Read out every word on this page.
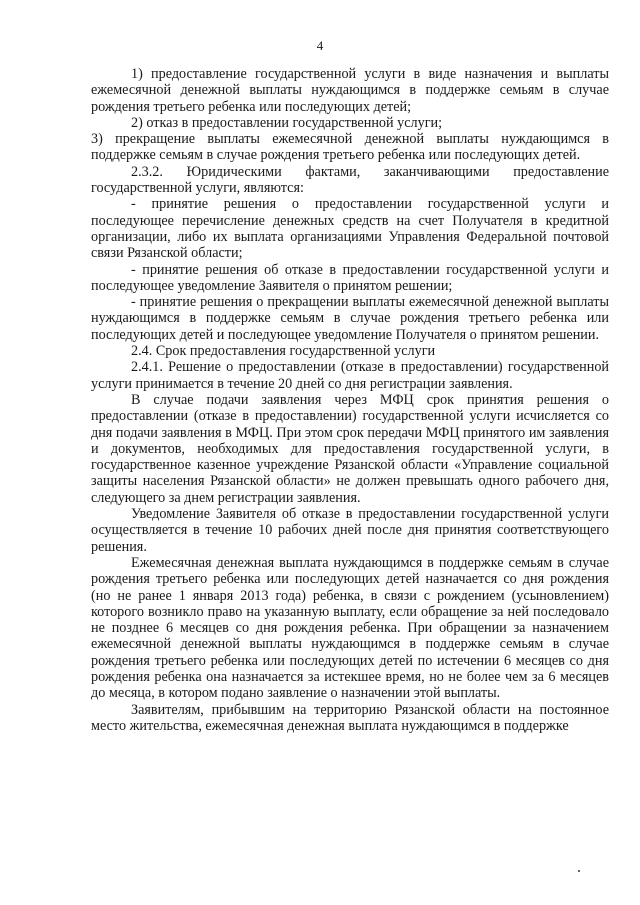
4

1) предоставление государственной услуги в виде назначения и выплаты ежемесячной денежной выплаты нуждающимся в поддержке семьям в случае рождения третьего ребенка или последующих детей;

2) отказ в предоставлении государственной услуги;

3) прекращение выплаты ежемесячной денежной выплаты нуждающимся в поддержке семьям в случае рождения третьего ребенка или последующих детей.

2.3.2. Юридическими фактами, заканчивающими предоставление государственной услуги, являются:

- принятие решения о предоставлении государственной услуги и последующее перечисление денежных средств на счет Получателя в кредитной организации, либо их выплата организациями Управления Федеральной почтовой связи Рязанской области;

- принятие решения об отказе в предоставлении государственной услуги и последующее уведомление Заявителя о принятом решении;

- принятие решения о прекращении выплаты ежемесячной денежной выплаты нуждающимся в поддержке семьям в случае рождения третьего ребенка или последующих детей и последующее уведомление Получателя о принятом решении.

2.4. Срок предоставления государственной услуги

2.4.1. Решение о предоставлении (отказе в предоставлении) государственной услуги принимается в течение 20 дней со дня регистрации заявления.

В случае подачи заявления через МФЦ срок принятия решения о предоставлении (отказе в предоставлении) государственной услуги исчисляется со дня подачи заявления в МФЦ. При этом срок передачи МФЦ принятого им заявления и документов, необходимых для предоставления государственной услуги, в государственное казенное учреждение Рязанской области «Управление социальной защиты населения Рязанской области» не должен превышать одного рабочего дня, следующего за днем регистрации заявления.

Уведомление Заявителя об отказе в предоставлении государственной услуги осуществляется в течение 10 рабочих дней после дня принятия соответствующего решения.

Ежемесячная денежная выплата нуждающимся в поддержке семьям в случае рождения третьего ребенка или последующих детей назначается со дня рождения (но не ранее 1 января 2013 года) ребенка, в связи с рождением (усыновлением) которого возникло право на указанную выплату, если обращение за ней последовало не позднее 6 месяцев со дня рождения ребенка. При обращении за назначением ежемесячной денежной выплаты нуждающимся в поддержке семьям в случае рождения третьего ребенка или последующих детей по истечении 6 месяцев со дня рождения ребенка она назначается за истекшее время, но не более чем за 6 месяцев до месяца, в котором подано заявление о назначении этой выплаты.

Заявителям, прибывшим на территорию Рязанской области на постоянное место жительства, ежемесячная денежная выплата нуждающимся в поддержке
